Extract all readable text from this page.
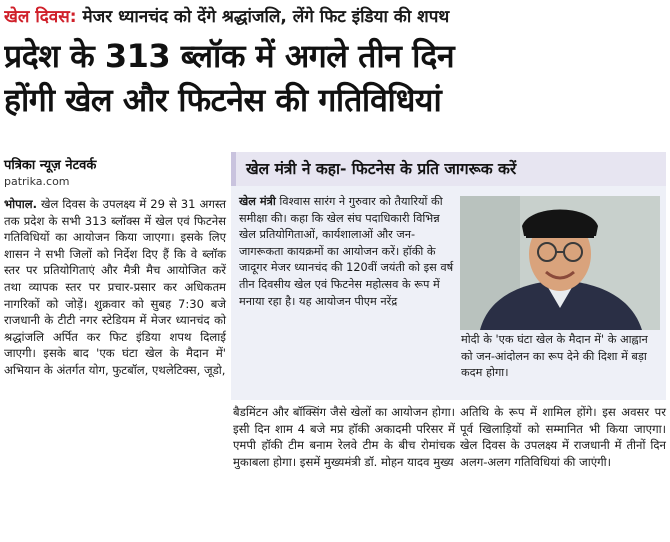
खेल दिवस: मेजर ध्यानचंद को देंगे श्रद्धांजलि, लेंगे फिट इंडिया की शपथ
प्रदेश के 313 ब्लॉक में अगले तीन दिन
होंगी खेल और फिटनेस की गतिविधियां
पत्रिका न्यूज़ नेटवर्क
patrika.com

भोपाल. खेल दिवस के उपलक्ष्य में 29 से 31 अगस्त तक प्रदेश के सभी 313 ब्लॉक्स में खेल एवं फिटनेस गतिविधियों का आयोजन किया जाएगा। इसके लिए शासन ने सभी जिलों को निर्देश दिए हैं कि वे ब्लॉक स्तर पर प्रतियोगिताएं और मैत्री मैच आयोजित करें तथा व्यापक स्तर पर प्रचार-प्रसार कर अधिकतम नागरिकों को जोड़ें। शुक्रवार को सुबह 7:30 बजे राजधानी के टीटी नगर स्टेडियम में मेजर ध्यानचंद को श्रद्धांजलि अर्पित कर फिट इंडिया शपथ दिलाई जाएगी। इसके बाद 'एक घंटा खेल के मैदान में' अभियान के अंतर्गत योग, फुटबॉल, एथलेटिक्स, जूडो,

खेल मंत्री ने कहा- फिटनेस के प्रति जागरूक करें
खेल मंत्री विश्वास सारंग ने गुरुवार को तैयारियों की समीक्षा की। कहा कि खेल संघ पदाधिकारी विभिन्न खेल प्रतियोगिताओं, कार्यशालाओं और जन-जागरूकता कायक्रमों का आयोजन करें। हॉकी के जादूगर मेजर ध्यानचंद की 120वीं जयंती को इस वर्ष तीन दिवसीय खेल एवं फिटनेस महोत्सव के रूप में मनाया रहा है। यह आयोजन पीएम नरेंद्र
मोदी के 'एक घंटा खेल के मैदान में' के आह्वान को जन-आंदोलन का रूप देने की दिशा में बड़ा कदम होगा।

बैडमिंटन और बॉक्सिंग जैसे खेलों का आयोजन होगा। इसी दिन शाम 4 बजे मप्र हॉकी अकादमी परिसर में एमपी हॉकी टीम बनाम रेलवे टीम के बीच रोमांचक मुकाबला होगा। इसमें मुख्यमंत्री डॉ. मोहन यादव मुख्य

अतिथि के रूप में शामिल होंगे। इस अवसर पर पूर्व खिलाड़ियों को सम्मानित भी किया जाएगा। खेल दिवस के उपलक्ष्य में राजधानी में तीनों दिन अलग-अलग गतिविधियां की जाएंगी।
